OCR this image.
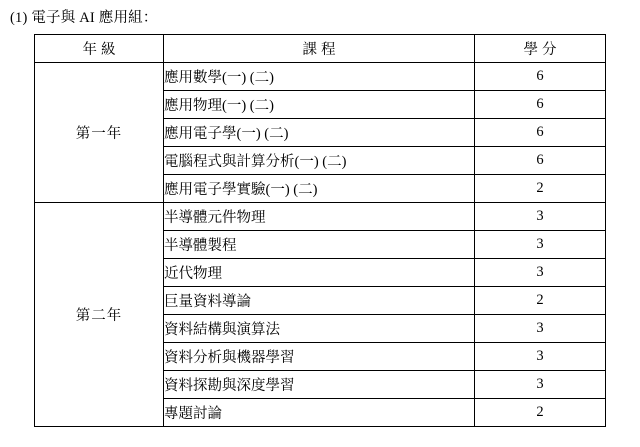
(1) 電子與 AI 應用組：

年級	課程	學分
第一年	應用數學(一) (二)	6
	應用物理(一) (二)	6
	應用電子學(一) (二)	6
	電腦程式與計算分析(一) (二)	6
	應用電子學實驗(一) (二)	2
第二年	半導體元件物理	3
	半導體製程	3
	近代物理	3
	巨量資料導論	2
	資料結構與演算法	3
	資料分析與機器學習	3
	資料探勘與深度學習	3
	專題討論	2
